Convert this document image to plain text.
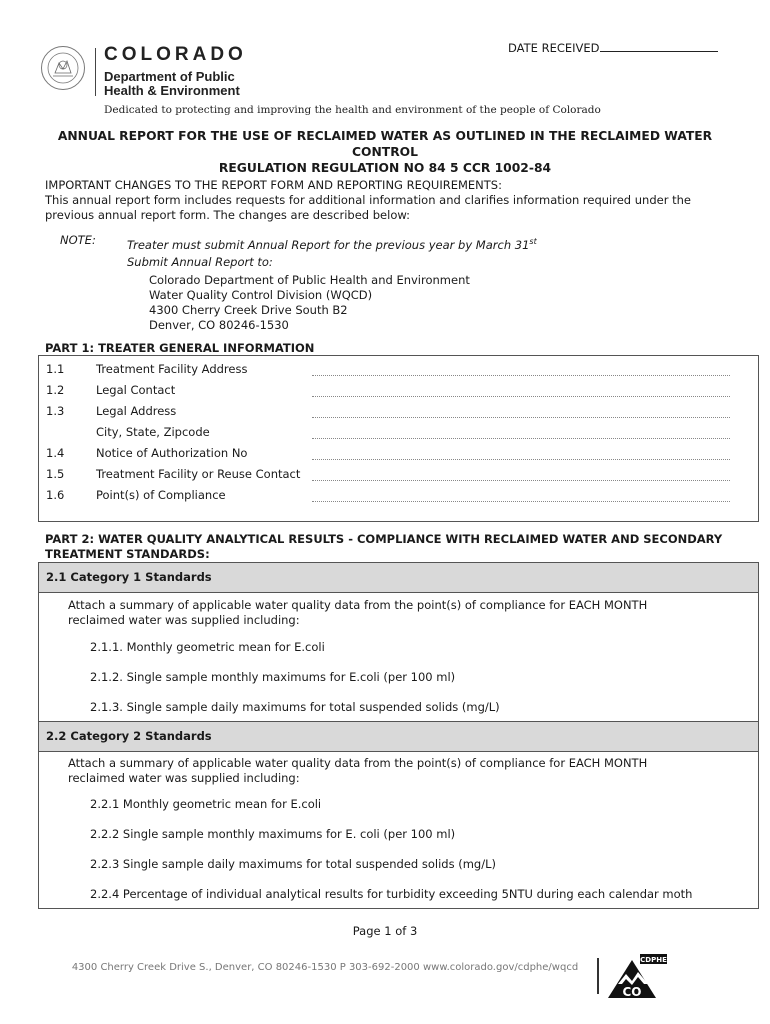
COLORADO
Department of Public
Health & Environment
DATE RECEIVED
Dedicated to protecting and improving the health and environment of the people of Colorado
ANNUAL REPORT FOR THE USE OF RECLAIMED WATER AS OUTLINED IN THE RECLAIMED WATER CONTROL
REGULATION REGULATION NO 84 5 CCR 1002-84
IMPORTANT CHANGES TO THE REPORT FORM AND REPORTING REQUIREMENTS:
This annual report form includes requests for additional information and clarifies information required under the
previous annual report form. The changes are described below:
NOTE:	Treater must submit Annual Report for the previous year by March 31st
Submit Annual Report to:
Colorado Department of Public Health and Environment
Water Quality Control Division (WQCD)
4300 Cherry Creek Drive South B2
Denver, CO 80246-1530
PART 1: TREATER GENERAL INFORMATION
1.1	Treatment Facility Address
1.2	Legal Contact
1.3	Legal Address
City, State, Zipcode
1.4	Notice of Authorization No
1.5	Treatment Facility or Reuse Contact
1.6	Point(s) of Compliance
PART 2: WATER QUALITY ANALYTICAL RESULTS - COMPLIANCE WITH RECLAIMED WATER AND SECONDARY
TREATMENT STANDARDS:
2.1 Category 1 Standards
Attach a summary of applicable water quality data from the point(s) of compliance for EACH MONTH
reclaimed water was supplied including:
2.1.1. Monthly geometric mean for E.coli
2.1.2. Single sample monthly maximums for E.coli (per 100 ml)
2.1.3. Single sample daily maximums for total suspended solids (mg/L)
2.2 Category 2 Standards
Attach a summary of applicable water quality data from the point(s) of compliance for EACH MONTH
reclaimed water was supplied including:
2.2.1 Monthly geometric mean for E.coli
2.2.2 Single sample monthly maximums for E. coli (per 100 ml)
2.2.3 Single sample daily maximums for total suspended solids (mg/L)
2.2.4 Percentage of individual analytical results for turbidity exceeding 5NTU during each calendar moth
Page 1 of 3
4300 Cherry Creek Drive S., Denver, CO 80246-1530 P 303-692-2000 www.colorado.gov/cdphe/wqcd
CDPHE
CO
